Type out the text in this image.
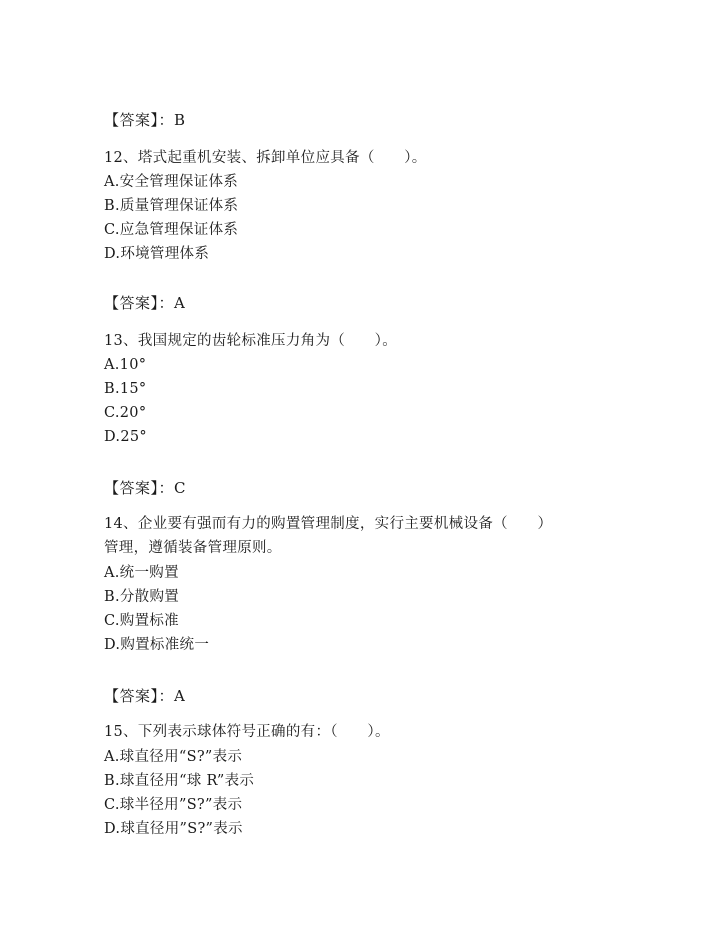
【答案】：B
12、塔式起重机安装、拆卸单位应具备（　　）。
A.安全管理保证体系
B.质量管理保证体系
C.应急管理保证体系
D.环境管理体系
【答案】：A
13、我国规定的齿轮标准压力角为（　　）。
A.10°
B.15°
C.20°
D.25°
【答案】：C
14、企业要有强而有力的购置管理制度，实行主要机械设备（　　）
管理，遵循装备管理原则。
A.统一购置
B.分散购置
C.购置标准
D.购置标准统一
【答案】：A
15、下列表示球体符号正确的有：（　　）。
A.球直径用“S?”表示
B.球直径用“球 R”表示
C.球半径用”S?”表示
D.球直径用”S?”表示
